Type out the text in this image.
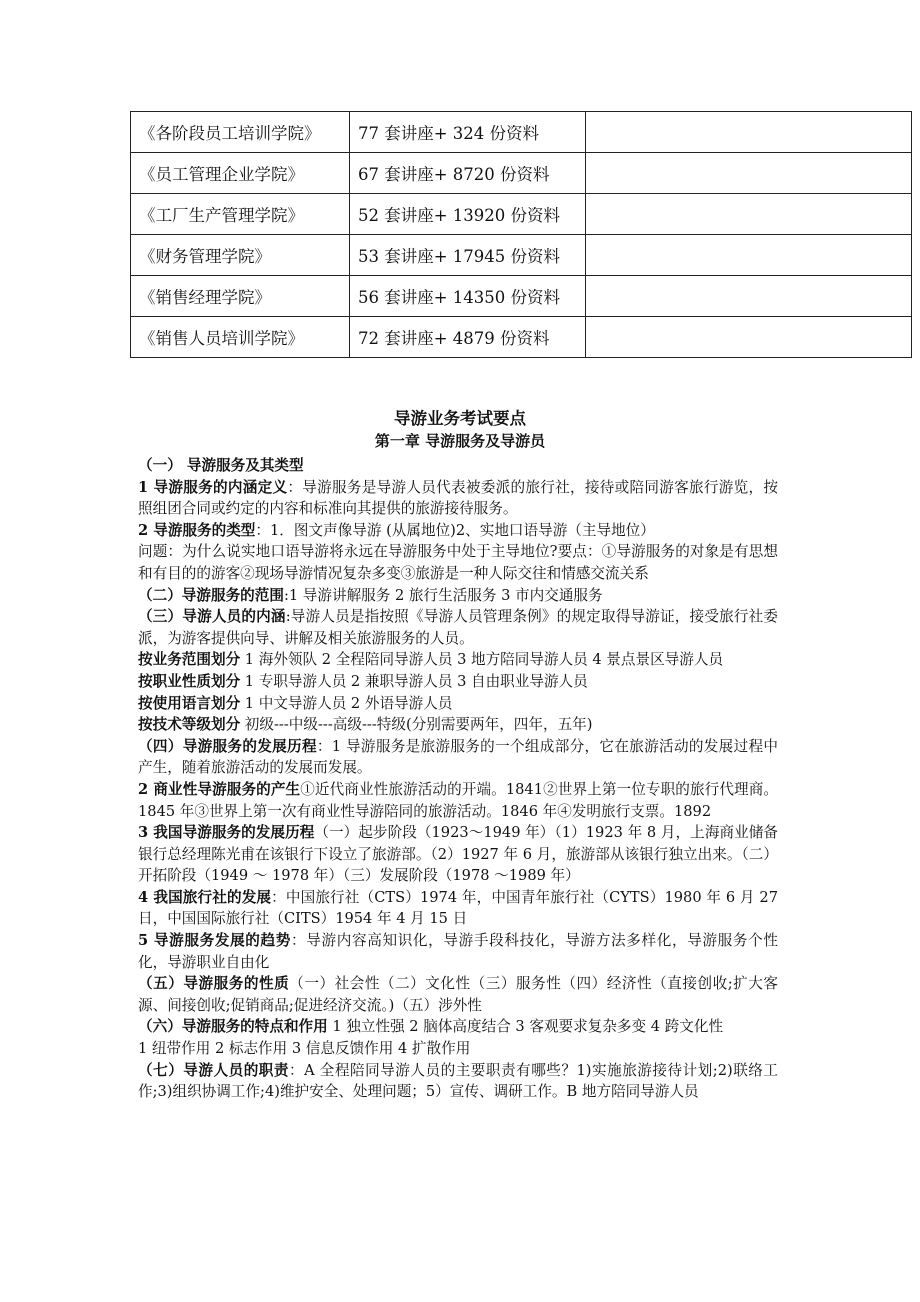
《各阶段员工培训学院》	77 套讲座+ 324 份资料	
《员工管理企业学院》	67 套讲座+ 8720 份资料	
《工厂生产管理学院》	52 套讲座+ 13920 份资料	
《财务管理学院》	53 套讲座+ 17945 份资料	
《销售经理学院》	56 套讲座+ 14350 份资料	
《销售人员培训学院》	72 套讲座+ 4879 份资料	
导游业务考试要点
第一章 导游服务及导游员

（一） 导游服务及其类型

1 导游服务的内涵定义：导游服务是导游人员代表被委派的旅行社，接待或陪同游客旅行游览，按照组团合同或约定的内容和标准向其提供的旅游接待服务。

2 导游服务的类型：1．图文声像导游 (从属地位)2、实地口语导游（主导地位）

问题：为什么说实地口语导游将永远在导游服务中处于主导地位?要点：①导游服务的对象是有思想和有目的的游客②现场导游情况复杂多变③旅游是一种人际交往和情感交流关系

（二）导游服务的范围:1 导游讲解服务 2 旅行生活服务 3 市内交通服务

（三）导游人员的内涵:导游人员是指按照《导游人员管理条例》的规定取得导游证，接受旅行社委派，为游客提供向导、讲解及相关旅游服务的人员。

按业务范围划分 1 海外领队 2 全程陪同导游人员 3 地方陪同导游人员 4 景点景区导游人员

按职业性质划分 1 专职导游人员 2 兼职导游人员 3 自由职业导游人员

按使用语言划分 1 中文导游人员 2 外语导游人员

按技术等级划分 初级---中级---高级---特级(分别需要两年，四年，五年)

（四）导游服务的发展历程：1 导游服务是旅游服务的一个组成部分，它在旅游活动的发展过程中产生，随着旅游活动的发展而发展。

2 商业性导游服务的产生①近代商业性旅游活动的开端。1841②世界上第一位专职的旅行代理商。1845 年③世界上第一次有商业性导游陪同的旅游活动。1846 年④发明旅行支票。1892

3 我国导游服务的发展历程（一）起步阶段（1923～1949 年）（1）1923 年 8 月，上海商业储备银行总经理陈光甫在该银行下设立了旅游部。（2）1927 年 6 月，旅游部从该银行独立出来。（二）开拓阶段（1949 ～ 1978 年）（三）发展阶段（1978 ～1989 年）

4 我国旅行社的发展：中国旅行社（CTS）1974 年，中国青年旅行社（CYTS）1980 年 6 月 27 日，中国国际旅行社（CITS）1954 年 4 月 15 日

5 导游服务发展的趋势：导游内容高知识化，导游手段科技化，导游方法多样化，导游服务个性化，导游职业自由化

（五）导游服务的性质（一）社会性（二）文化性（三）服务性（四）经济性（直接创收;扩大客源、间接创收;促销商品;促进经济交流。)（五）涉外性

（六）导游服务的特点和作用 1 独立性强 2 脑体高度结合 3 客观要求复杂多变 4 跨文化性

1 纽带作用 2 标志作用 3 信息反馈作用 4 扩散作用

（七）导游人员的职责：A 全程陪同导游人员的主要职责有哪些？1)实施旅游接待计划;2)联络工作;3)组织协调工作;4)维护安全、处理问题；5）宣传、调研工作。B 地方陪同导游人员
